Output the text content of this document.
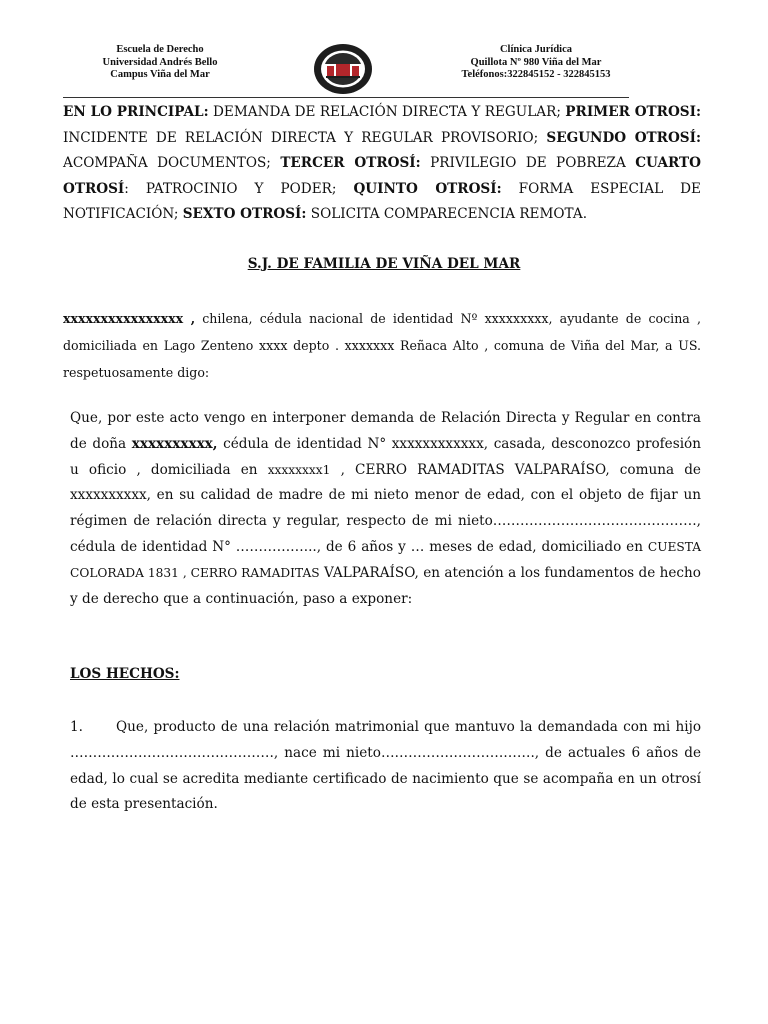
Escuela de Derecho
Universidad Andrés Bello
Campus Viña del Mar
Clínica Jurídica
Quillota Nº 980 Viña del Mar
Teléfonos:322845152 - 322845153
EN LO PRINCIPAL: DEMANDA DE RELACIÓN DIRECTA Y REGULAR; PRIMER OTROSI: INCIDENTE DE RELACIÓN DIRECTA Y REGULAR PROVISORIO; SEGUNDO OTROSÍ: ACOMPAÑA DOCUMENTOS; TERCER OTROSÍ: PRIVILEGIO DE POBREZA CUARTO OTROSÍ: PATROCINIO Y PODER; QUINTO OTROSÍ: FORMA ESPECIAL DE NOTIFICACIÓN; SEXTO OTROSÍ: SOLICITA COMPARECENCIA REMOTA.
S.J. DE FAMILIA DE VIÑA DEL MAR
xxxxxxxxxxxxxxxx , chilena, cédula nacional de identidad Nº xxxxxxxxx, ayudante de cocina , domiciliada en Lago Zenteno xxxx depto . xxxxxxx Reñaca Alto , comuna de Viña del Mar, a US. respetuosamente digo:
Que, por este acto vengo en interponer demanda de Relación Directa y Regular en contra de doña xxxxxxxxxx, cédula de identidad N° xxxxxxxxxxxx, casada, desconozco profesión u oficio , domiciliada en xxxxxxxx1 , CERRO RAMADITAS VALPARAÍSO, comuna de xxxxxxxxxx, en su calidad de madre de mi nieto menor de edad, con el objeto de fijar un régimen de relación directa y regular, respecto de mi nieto………………………………………, cédula de identidad N° ……………..., de 6 años y … meses de edad, domiciliado en CUESTA COLORADA 1831 , CERRO RAMADITAS VALPARAÍSO, en atención a los fundamentos de hecho y de derecho que a continuación, paso a exponer:
LOS HECHOS:
1. Que, producto de una relación matrimonial que mantuvo la demandada con mi hijo ………………………………………, nace mi nieto……………………………., de actuales 6 años de edad, lo cual se acredita mediante certificado de nacimiento que se acompaña en un otrosí de esta presentación.
